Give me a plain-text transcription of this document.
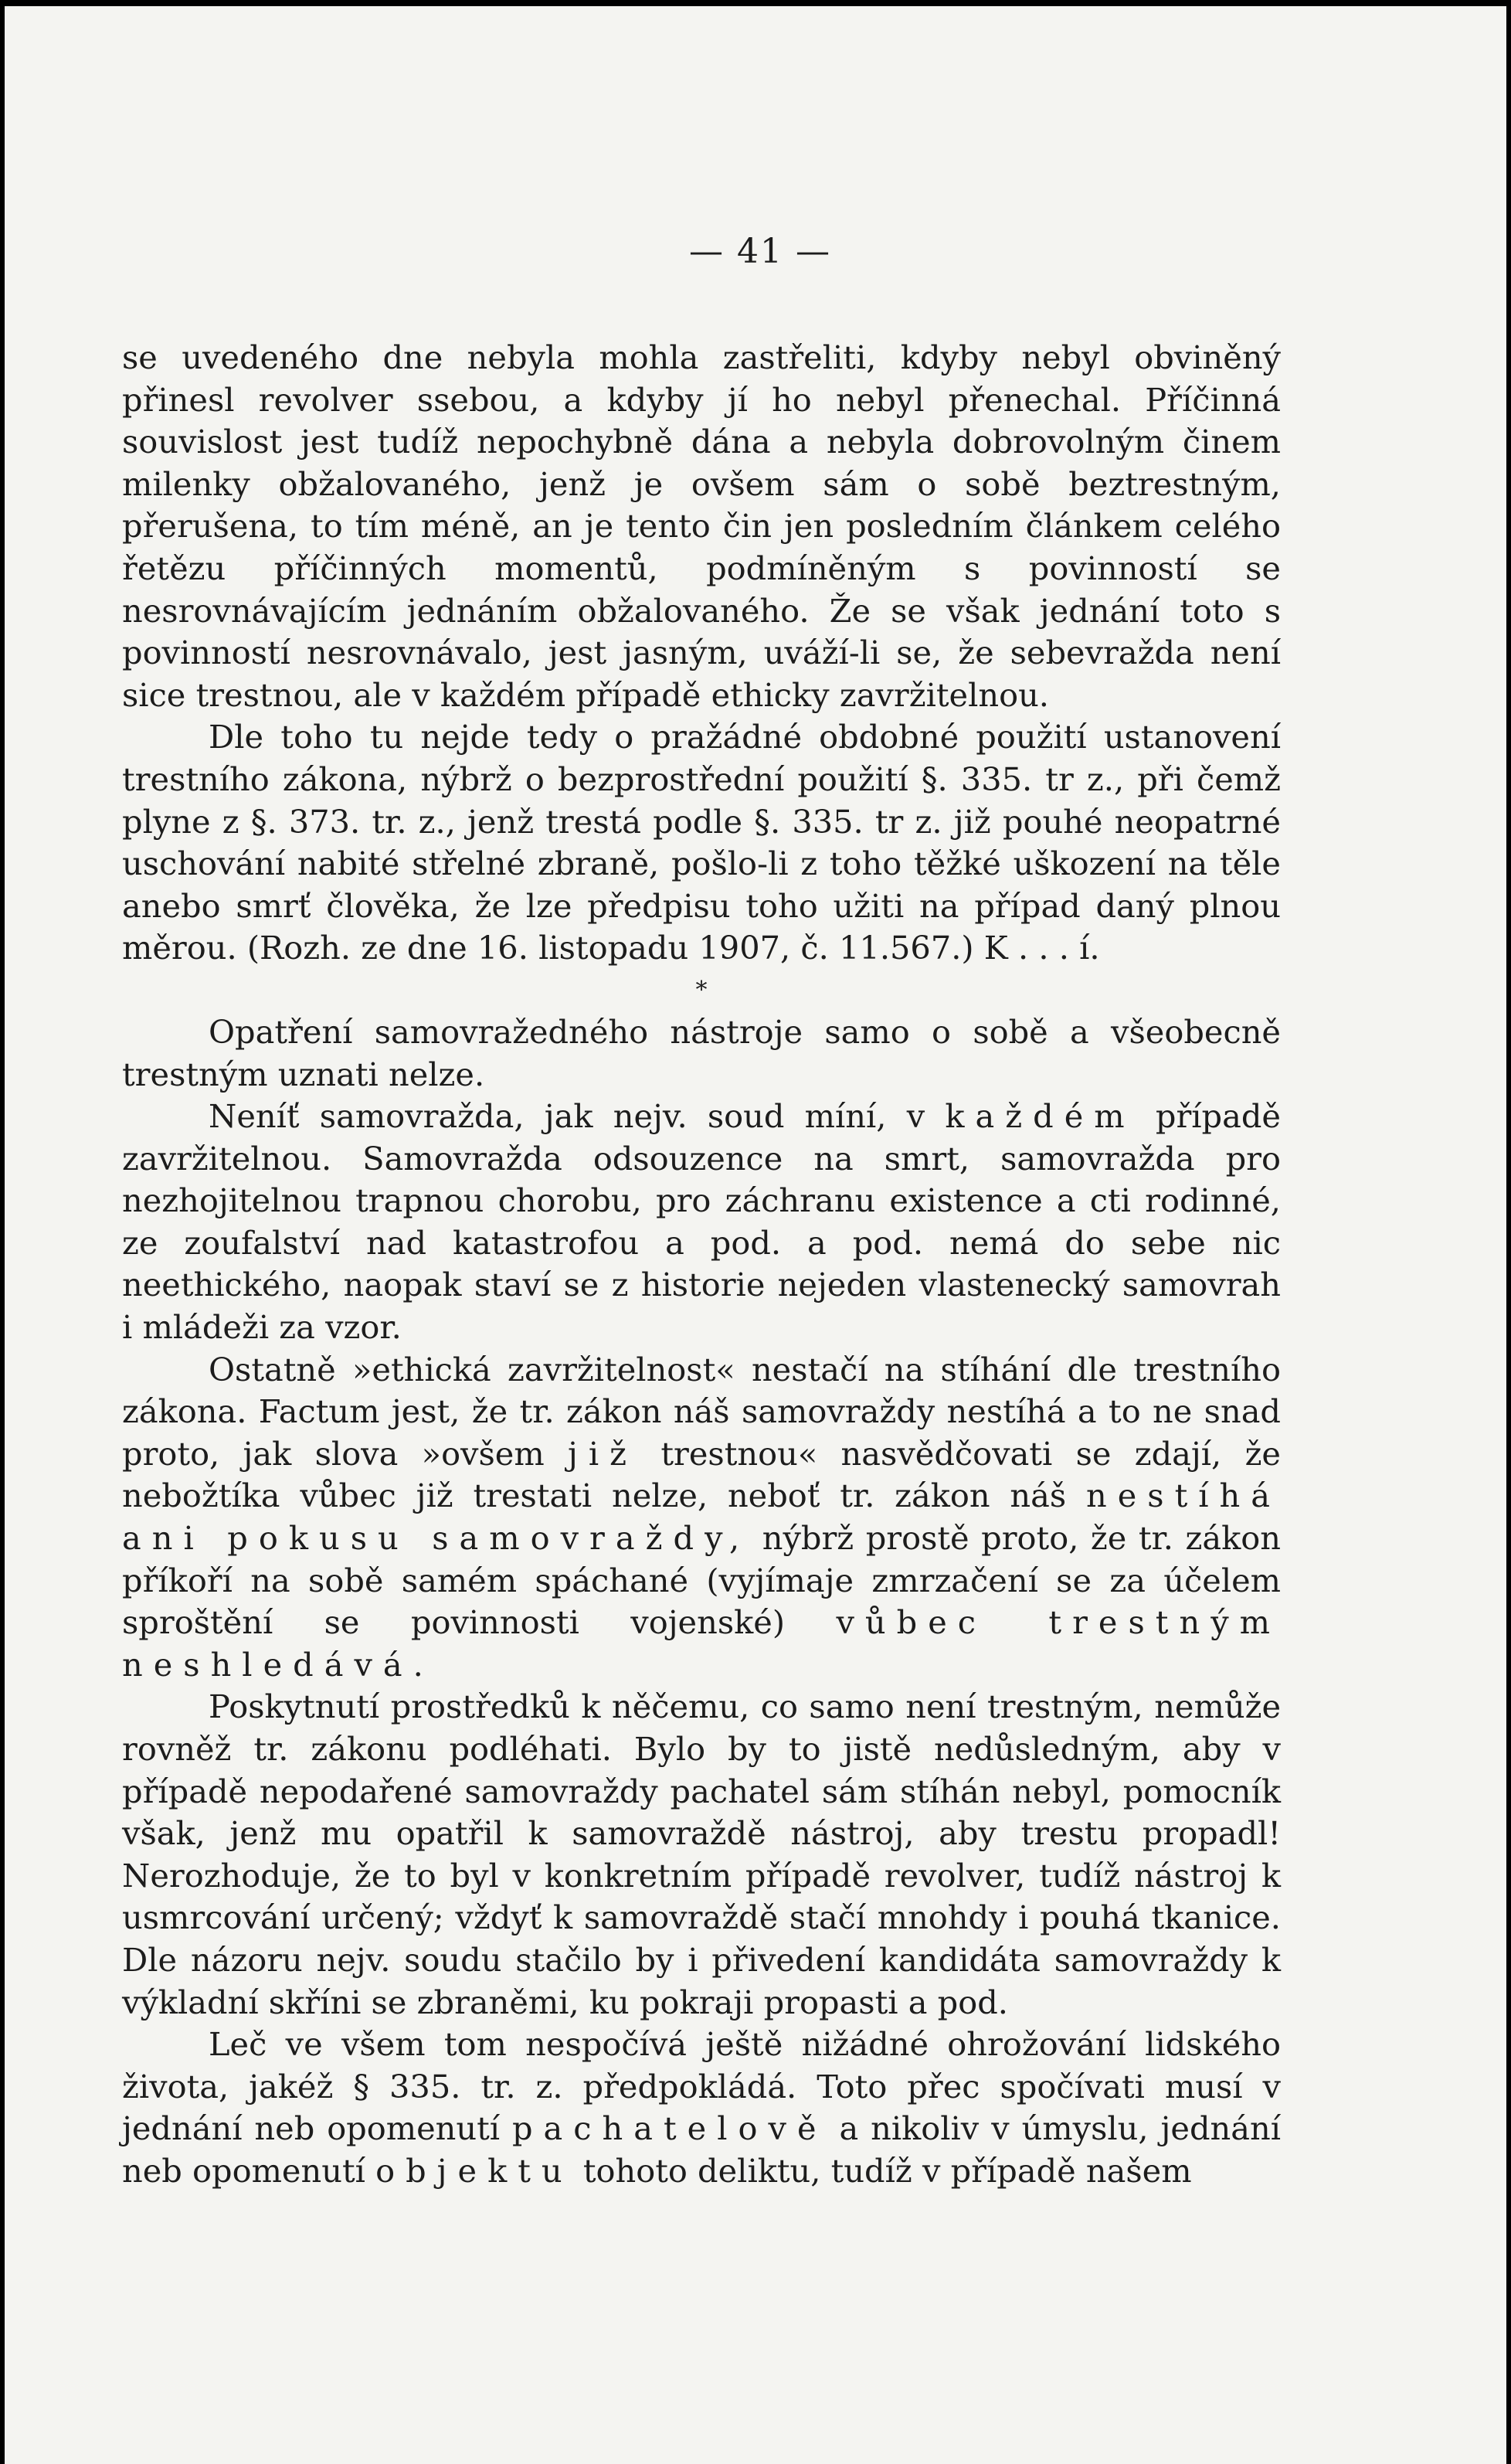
— 41 —

se uvedeného dne nebyla mohla zastřeliti, kdyby nebyl obviněný přinesl revolver ssebou, a kdyby jí ho nebyl přenechal. Příčinná souvislost jest tudíž nepochybně dána a nebyla dobrovolným činem milenky obžalovaného, jenž je ovšem sám o sobě beztrestným, přerušena, to tím méně, an je tento čin jen posledním článkem celého řetězu příčinných momentů, podmíněným s povinností se nesrovnávajícím jednáním obžalovaného. Že se však jednání toto s povinností nesrovnávalo, jest jasným, uváží-li se, že sebevražda není sice trestnou, ale v každém případě ethicky zavržitelnou.

Dle toho tu nejde tedy o pražádné obdobné použití ustanovení trestního zákona, nýbrž o bezprostřední použití §. 335. tr z., při čemž plyne z §. 373. tr. z., jenž trestá podle §. 335. tr z. již pouhé neopatrné uschování nabité střelné zbraně, pošlo-li z toho těžké uškození na těle anebo smrť člověka, že lze předpisu toho užiti na případ daný plnou měrou. (Rozh. ze dne 16. listopadu 1907, č. 11.567.) K . . . í.

*

Opatření samovražedného nástroje samo o sobě a všeobecně trestným uznati nelze.

Neníť samovražda, jak nejv. soud míní, v každém případě zavržitelnou. Samovražda odsouzence na smrt, samovražda pro nezhojitelnou trapnou chorobu, pro záchranu existence a cti rodinné, ze zoufalství nad katastrofou a pod. a pod. nemá do sebe nic neethického, naopak staví se z historie nejeden vlastenecký samovrah i mládeži za vzor.

Ostatně »ethická zavržitelnost« nestačí na stíhání dle trestního zákona. Factum jest, že tr. zákon náš samovraždy nestíhá a to ne snad proto, jak slova »ovšem již trestnou« nasvědčovati se zdají, že nebožtíka vůbec již trestati nelze, neboť tr. zákon náš nestíhá ani pokusu samovraždy, nýbrž prostě proto, že tr. zákon příkoří na sobě samém spáchané (vyjímaje zmrzačení se za účelem sproštění se povinnosti vojenské) vůbec trestným neshledává.

Poskytnutí prostředků k něčemu, co samo není trestným, nemůže rovněž tr. zákonu podléhati. Bylo by to jistě nedůsledným, aby v případě nepodařené samovraždy pachatel sám stíhán nebyl, pomocník však, jenž mu opatřil k samovraždě nástroj, aby trestu propadl! Nerozhoduje, že to byl v konkretním případě revolver, tudíž nástroj k usmrcování určený; vždyť k samovraždě stačí mnohdy i pouhá tkanice. Dle názoru nejv. soudu stačilo by i přivedení kandidáta samovraždy k výkladní skříni se zbraněmi, ku pokraji propasti a pod.

Leč ve všem tom nespočívá ještě nižádné ohrožování lidského života, jakéž § 335. tr. z. předpokládá. Toto přec spočívati musí v jednání neb opomenutí pachatelově a nikoliv v úmyslu, jednání neb opomenutí objektu tohoto deliktu, tudíž v případě našem
